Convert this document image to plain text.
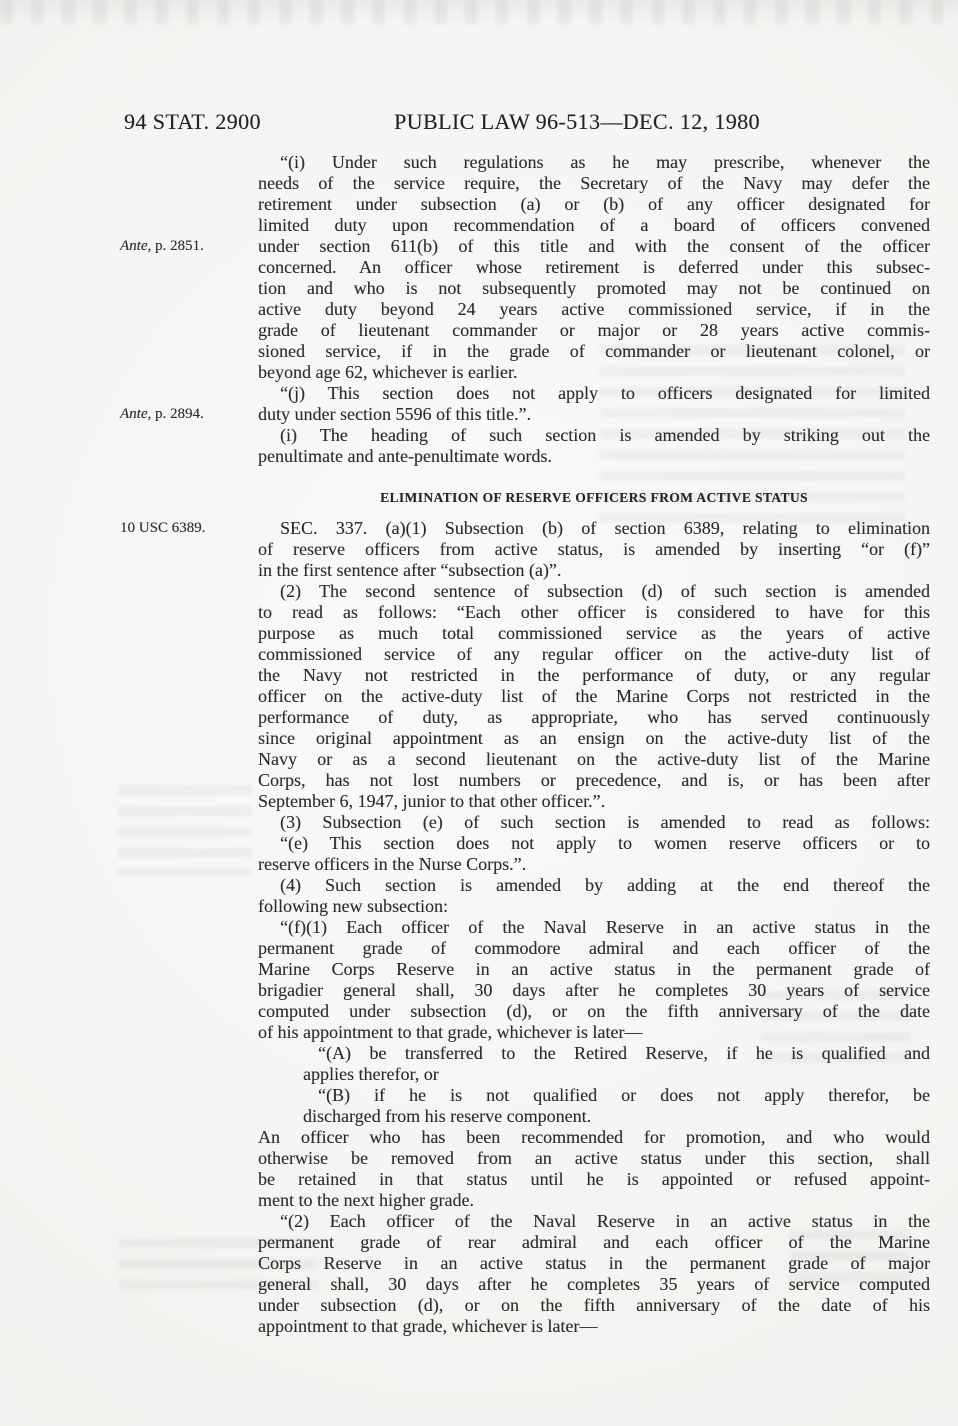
94 STAT. 2900	PUBLIC LAW 96-513—DEC. 12, 1980
“(i) Under such regulations as he may prescribe, whenever the
needs of the service require, the Secretary of the Navy may defer the
retirement under subsection (a) or (b) of any officer designated for
limited duty upon recommendation of a board of officers convened
under section 611(b) of this title and with the consent of the officer
concerned. An officer whose retirement is deferred under this subsec-
tion and who is not subsequently promoted may not be continued on
active duty beyond 24 years active commissioned service, if in the
grade of lieutenant commander or major or 28 years active commis-
sioned service, if in the grade of commander or lieutenant colonel, or
beyond age 62, whichever is earlier.
Ante, p. 2851.
“(j) This section does not apply to officers designated for limited
duty under section 5596 of this title.”.
Ante, p. 2894.
(i) The heading of such section is amended by striking out the
penultimate and ante-penultimate words.
ELIMINATION OF RESERVE OFFICERS FROM ACTIVE STATUS
SEC. 337. (a)(1) Subsection (b) of section 6389, relating to elimination
of reserve officers from active status, is amended by inserting “or (f)”
in the first sentence after “subsection (a)”.
10 USC 6389.
(2) The second sentence of subsection (d) of such section is amended
to read as follows: “Each other officer is considered to have for this
purpose as much total commissioned service as the years of active
commissioned service of any regular officer on the active-duty list of
the Navy not restricted in the performance of duty, or any regular
officer on the active-duty list of the Marine Corps not restricted in the
performance of duty, as appropriate, who has served continuously
since original appointment as an ensign on the active-duty list of the
Navy or as a second lieutenant on the active-duty list of the Marine
Corps, has not lost numbers or precedence, and is, or has been after
September 6, 1947, junior to that other officer.”.
(3) Subsection (e) of such section is amended to read as follows:
“(e) This section does not apply to women reserve officers or to
reserve officers in the Nurse Corps.”.
(4) Such section is amended by adding at the end thereof the
following new subsection:
“(f)(1) Each officer of the Naval Reserve in an active status in the
permanent grade of commodore admiral and each officer of the
Marine Corps Reserve in an active status in the permanent grade of
brigadier general shall, 30 days after he completes 30 years of service
computed under subsection (d), or on the fifth anniversary of the date
of his appointment to that grade, whichever is later—
“(A) be transferred to the Retired Reserve, if he is qualified and
applies therefor, or
“(B) if he is not qualified or does not apply therefor, be
discharged from his reserve component.
An officer who has been recommended for promotion, and who would
otherwise be removed from an active status under this section, shall
be retained in that status until he is appointed or refused appoint-
ment to the next higher grade.
“(2) Each officer of the Naval Reserve in an active status in the
permanent grade of rear admiral and each officer of the Marine
Corps Reserve in an active status in the permanent grade of major
general shall, 30 days after he completes 35 years of service computed
under subsection (d), or on the fifth anniversary of the date of his
appointment to that grade, whichever is later—
